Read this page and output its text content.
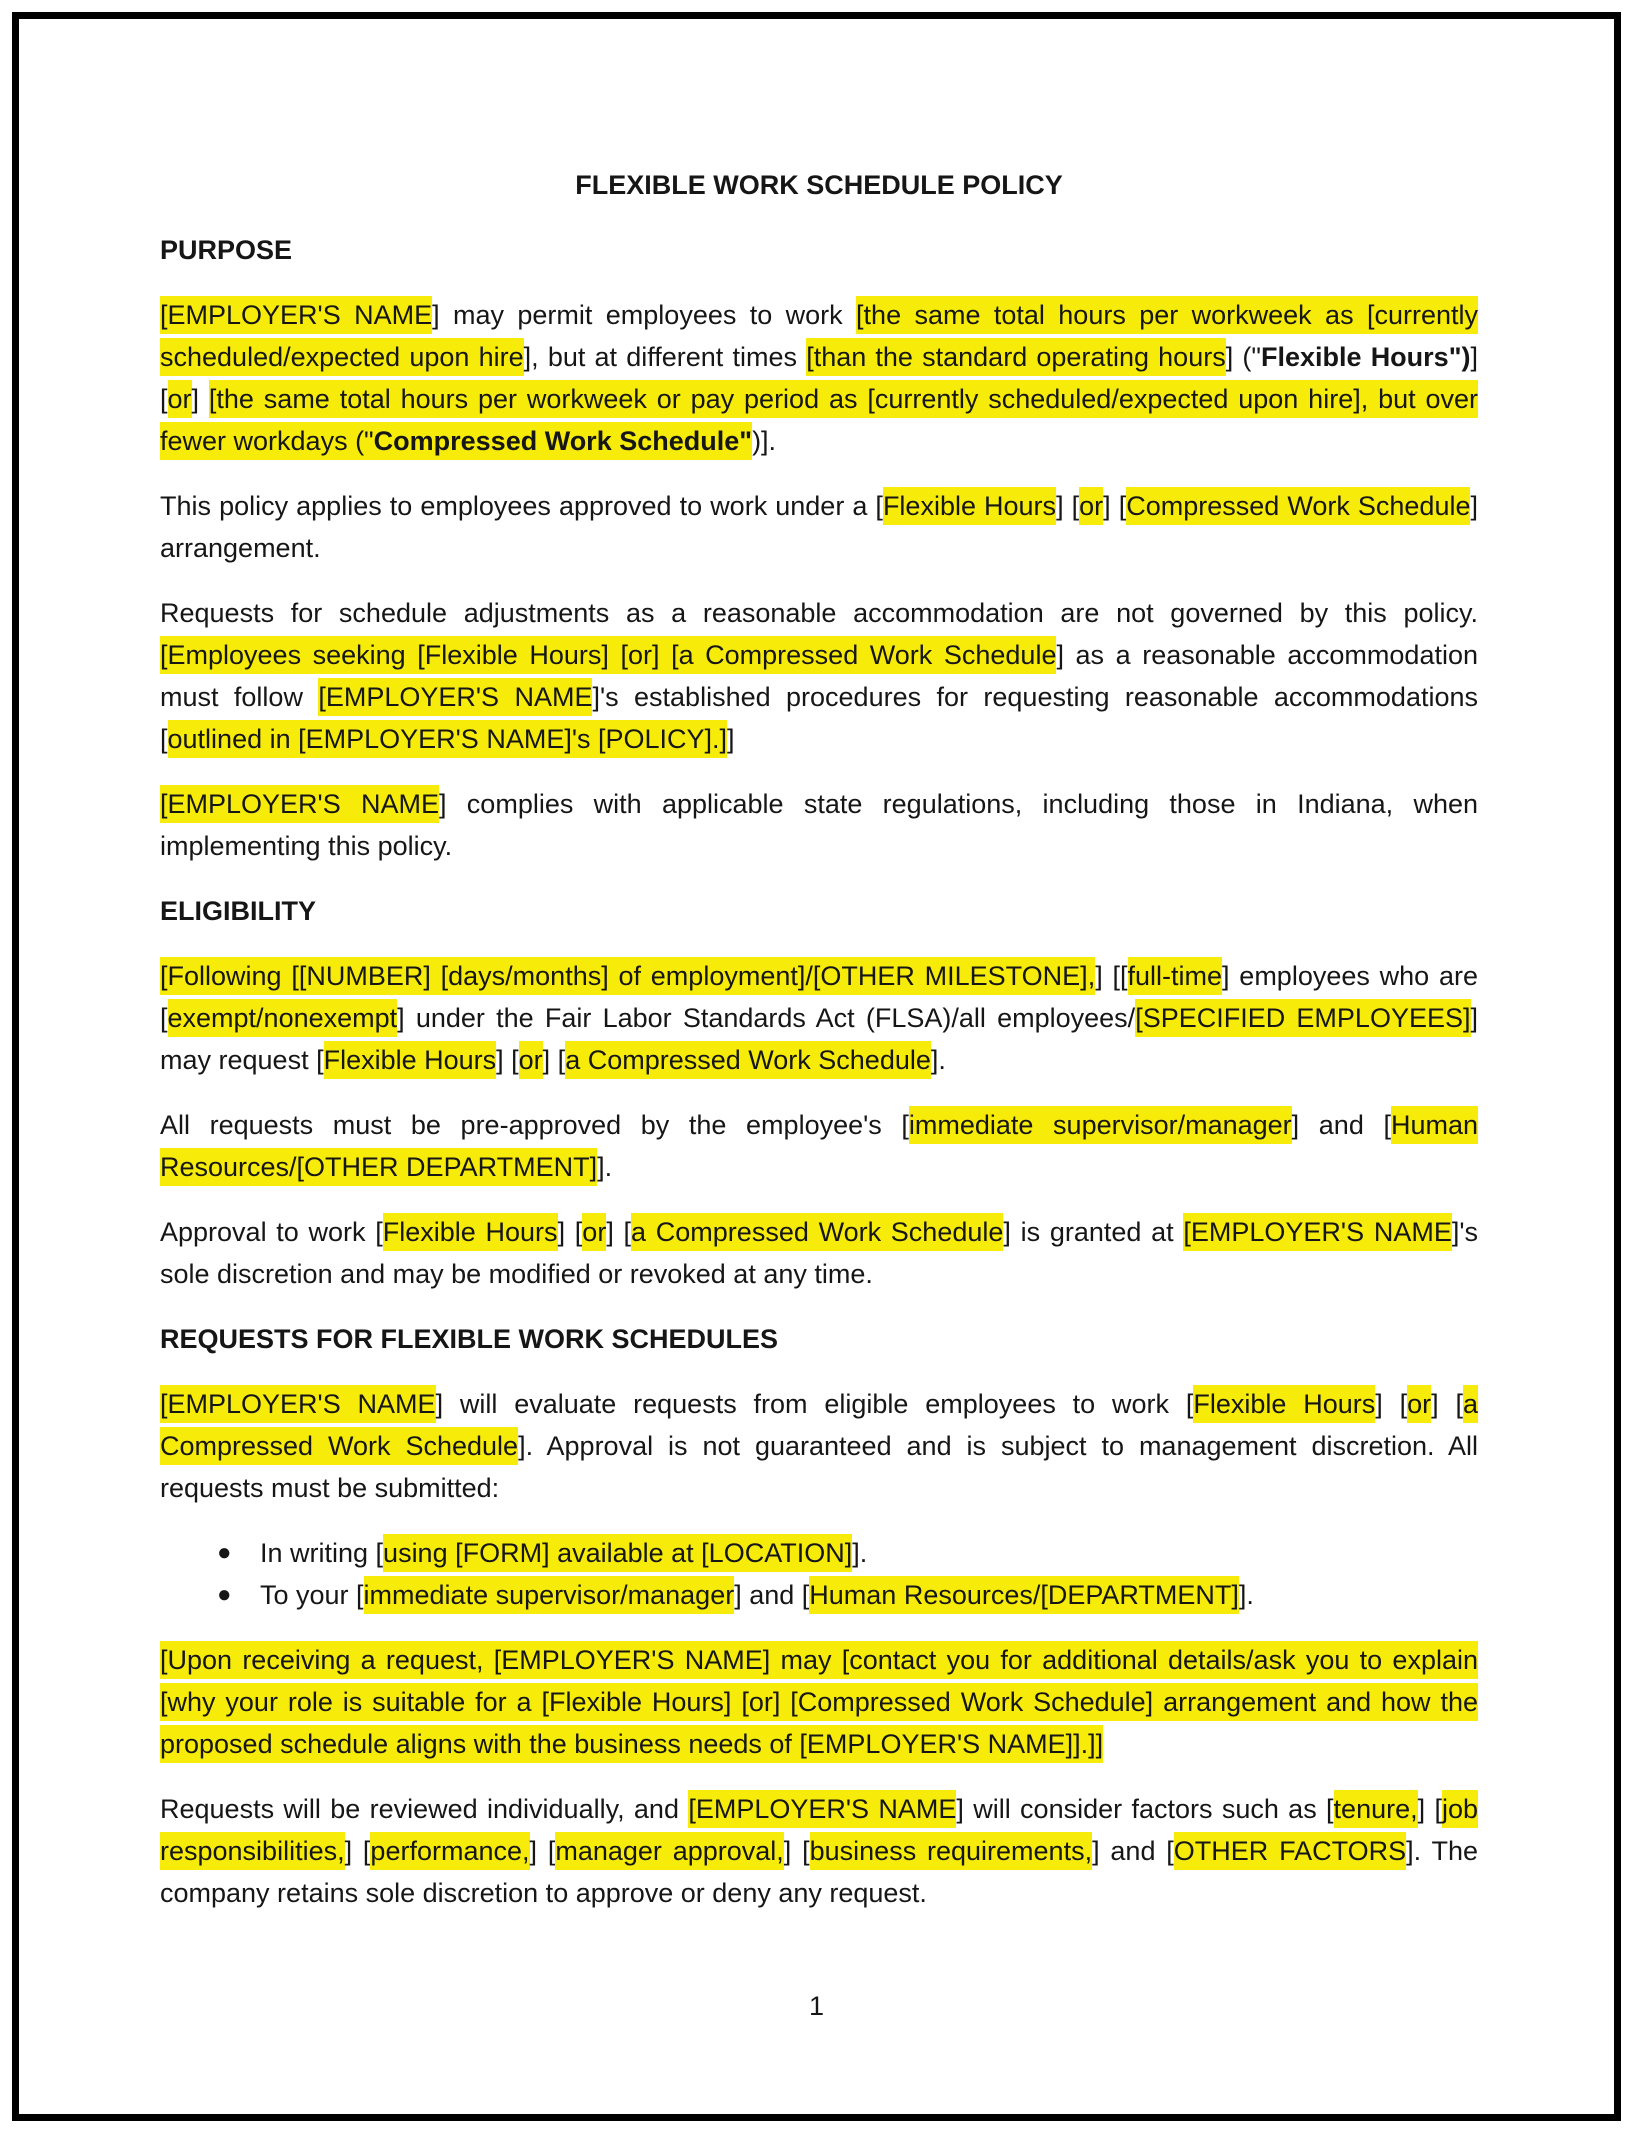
FLEXIBLE WORK SCHEDULE POLICY

PURPOSE

[EMPLOYER'S NAME] may permit employees to work [the same total hours per workweek as [currently scheduled/expected upon hire], but at different times [than the standard operating hours] ("Flexible Hours")] [or] [the same total hours per workweek or pay period as [currently scheduled/expected upon hire], but over fewer workdays ("Compressed Work Schedule")].

This policy applies to employees approved to work under a [Flexible Hours] [or] [Compressed Work Schedule] arrangement.

Requests for schedule adjustments as a reasonable accommodation are not governed by this policy. [Employees seeking [Flexible Hours] [or] [a Compressed Work Schedule] as a reasonable accommodation must follow [EMPLOYER'S NAME]'s established procedures for requesting reasonable accommodations [outlined in [EMPLOYER'S NAME]'s [POLICY].]]

[EMPLOYER'S NAME] complies with applicable state regulations, including those in Indiana, when implementing this policy.

ELIGIBILITY

[Following [[NUMBER] [days/months] of employment]/[OTHER MILESTONE],] [[full-time] employees who are [exempt/nonexempt] under the Fair Labor Standards Act (FLSA)/all employees/[SPECIFIED EMPLOYEES]] may request [Flexible Hours] [or] [a Compressed Work Schedule].

All requests must be pre-approved by the employee's [immediate supervisor/manager] and [Human Resources/[OTHER DEPARTMENT]].

Approval to work [Flexible Hours] [or] [a Compressed Work Schedule] is granted at [EMPLOYER'S NAME]'s sole discretion and may be modified or revoked at any time.

REQUESTS FOR FLEXIBLE WORK SCHEDULES

[EMPLOYER'S NAME] will evaluate requests from eligible employees to work [Flexible Hours] [or] [a Compressed Work Schedule]. Approval is not guaranteed and is subject to management discretion. All requests must be submitted:

● In writing [using [FORM] available at [LOCATION]].
● To your [immediate supervisor/manager] and [Human Resources/[DEPARTMENT]].

[Upon receiving a request, [EMPLOYER'S NAME] may [contact you for additional details/ask you to explain [why your role is suitable for a [Flexible Hours] [or] [Compressed Work Schedule] arrangement and how the proposed schedule aligns with the business needs of [EMPLOYER'S NAME]].]]

Requests will be reviewed individually, and [EMPLOYER'S NAME] will consider factors such as [tenure,] [job responsibilities,] [performance,] [manager approval,] [business requirements,] and [OTHER FACTORS]. The company retains sole discretion to approve or deny any request.

1
